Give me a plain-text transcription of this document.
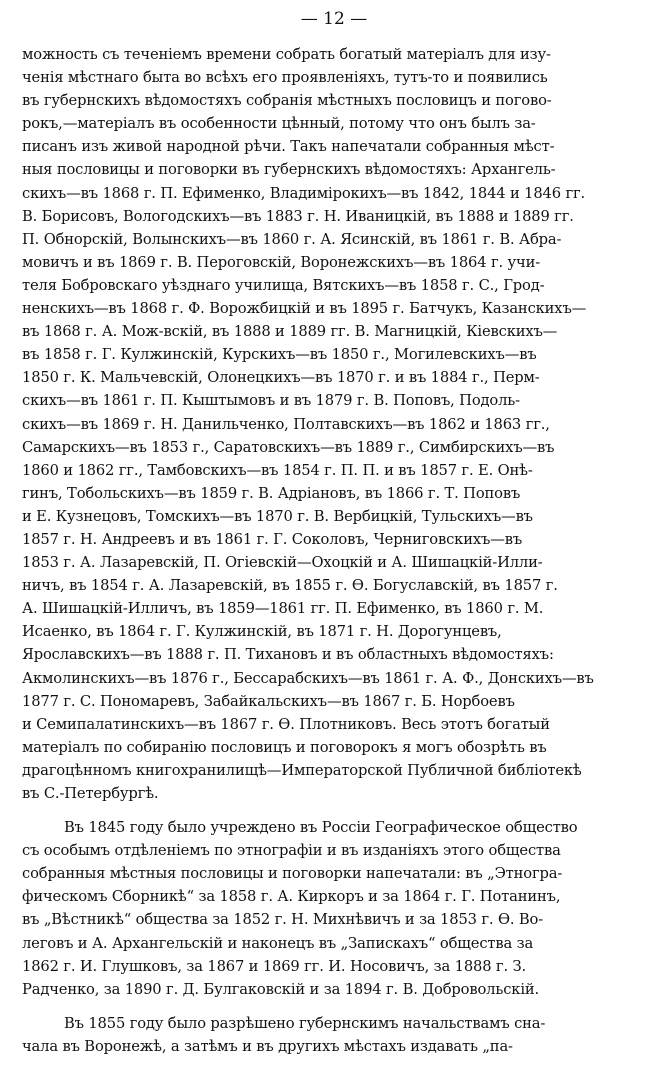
— 12 —

можность съ теченіемъ времени собрать богатый матеріалъ для изу-
ченія мѣстнаго быта во всѣхъ его проявленіяхъ, тутъ-то и появились
въ губернскихъ вѣдомостяхъ собранія мѣстныхъ пословицъ и погово-
рокъ,—матеріалъ въ особенности цѣнный, потому что онъ былъ за-
писанъ изъ живой народной рѣчи. Такъ напечатали собранныя мѣст-
ныя пословицы и поговорки въ губернскихъ вѣдомостяхъ: Архангель-
скихъ—въ 1868 г. П. Ефименко, Владимірокихъ—въ 1842, 1844 и 1846 гг.
В. Борисовъ, Вологодскихъ—въ 1883 г. Н. Иваницкій, въ 1888 и 1889 гг.
П. Обнорскій, Волынскихъ—въ 1860 г. А. Ясинскій, въ 1861 г. В. Абра-
мовичъ и въ 1869 г. В. Пероговскій, Воронежскихъ—въ 1864 г. учи-
теля Бобровскаго уѣзднаго училища, Вятскихъ—въ 1858 г. С., Грод-
ненскихъ—въ 1868 г. Ф. Ворожбицкій и въ 1895 г. Батчукъ, Казанскихъ—
въ 1868 г. А. Мож-вскій, въ 1888 и 1889 гг. В. Магницкій, Кіевскихъ—
въ 1858 г. Г. Кулжинскій, Курскихъ—въ 1850 г., Могилевскихъ—въ
1850 г. К. Мальчевскій, Олонецкихъ—въ 1870 г. и въ 1884 г., Перм-
скихъ—въ 1861 г. П. Кыштымовъ и въ 1879 г. В. Поповъ, Подоль-
скихъ—въ 1869 г. Н. Данильченко, Полтавскихъ—въ 1862 и 1863 гг.,
Самарскихъ—въ 1853 г., Саратовскихъ—въ 1889 г., Симбирскихъ—въ
1860 и 1862 гг., Тамбовскихъ—въ 1854 г. П. П. и въ 1857 г. Е. Онѣ-
гинъ, Тобольскихъ—въ 1859 г. В. Адріановъ, въ 1866 г. Т. Поповъ
и Е. Кузнецовъ, Томскихъ—въ 1870 г. В. Вербицкій, Тульскихъ—въ
1857 г. Н. Андреевъ и въ 1861 г. Г. Соколовъ, Черниговскихъ—въ
1853 г. А. Лазаревскій, П. Огіевскій—Охоцкій и А. Шишацкій-Илли-
ничъ, въ 1854 г. А. Лазаревскій, въ 1855 г. Ѳ. Богуславскій, въ 1857 г.
А. Шишацкій-Илличъ, въ 1859—1861 гг. П. Ефименко, въ 1860 г. М.
Исаенко, въ 1864 г. Г. Кулжинскій, въ 1871 г. Н. Дорогунцевъ,
Ярославскихъ—въ 1888 г. П. Тихановъ и въ областныхъ вѣдомостяхъ:
Акмолинскихъ—въ 1876 г., Бессарабскихъ—въ 1861 г. А. Ф., Донскихъ—въ
1877 г. С. Пономаревъ, Забайкальскихъ—въ 1867 г. Б. Норбоевъ
и Семипалатинскихъ—въ 1867 г. Ѳ. Плотниковъ. Весь этотъ богатый
матеріалъ по собиранію пословицъ и поговорокъ я могъ обозрѣть въ
драгоцѣнномъ книгохранилищѣ—Императорской Публичной библіотекѣ
въ С.-Петербургѣ.

Въ 1845 году было учреждено въ Россіи Географическое общество
съ особымъ отдѣленіемъ по этнографіи и въ изданіяхъ этого общества
собранныя мѣстныя пословицы и поговорки напечатали: въ „Этногра-
фическомъ Сборникѣ“ за 1858 г. А. Киркоръ и за 1864 г. Г. Потанинъ,
въ „Вѣстникѣ“ общества за 1852 г. Н. Михнѣвичъ и за 1853 г. Ѳ. Во-
леговъ и А. Архангельскій и наконецъ въ „Запискахъ“ общества за
1862 г. И. Глушковъ, за 1867 и 1869 гг. И. Носовичъ, за 1888 г. З.
Радченко, за 1890 г. Д. Булгаковскій и за 1894 г. В. Добровольскій.

Въ 1855 году было разрѣшено губернскимъ начальствамъ сна-
чала въ Воронежѣ, а затѣмъ и въ другихъ мѣстахъ издавать „па-
